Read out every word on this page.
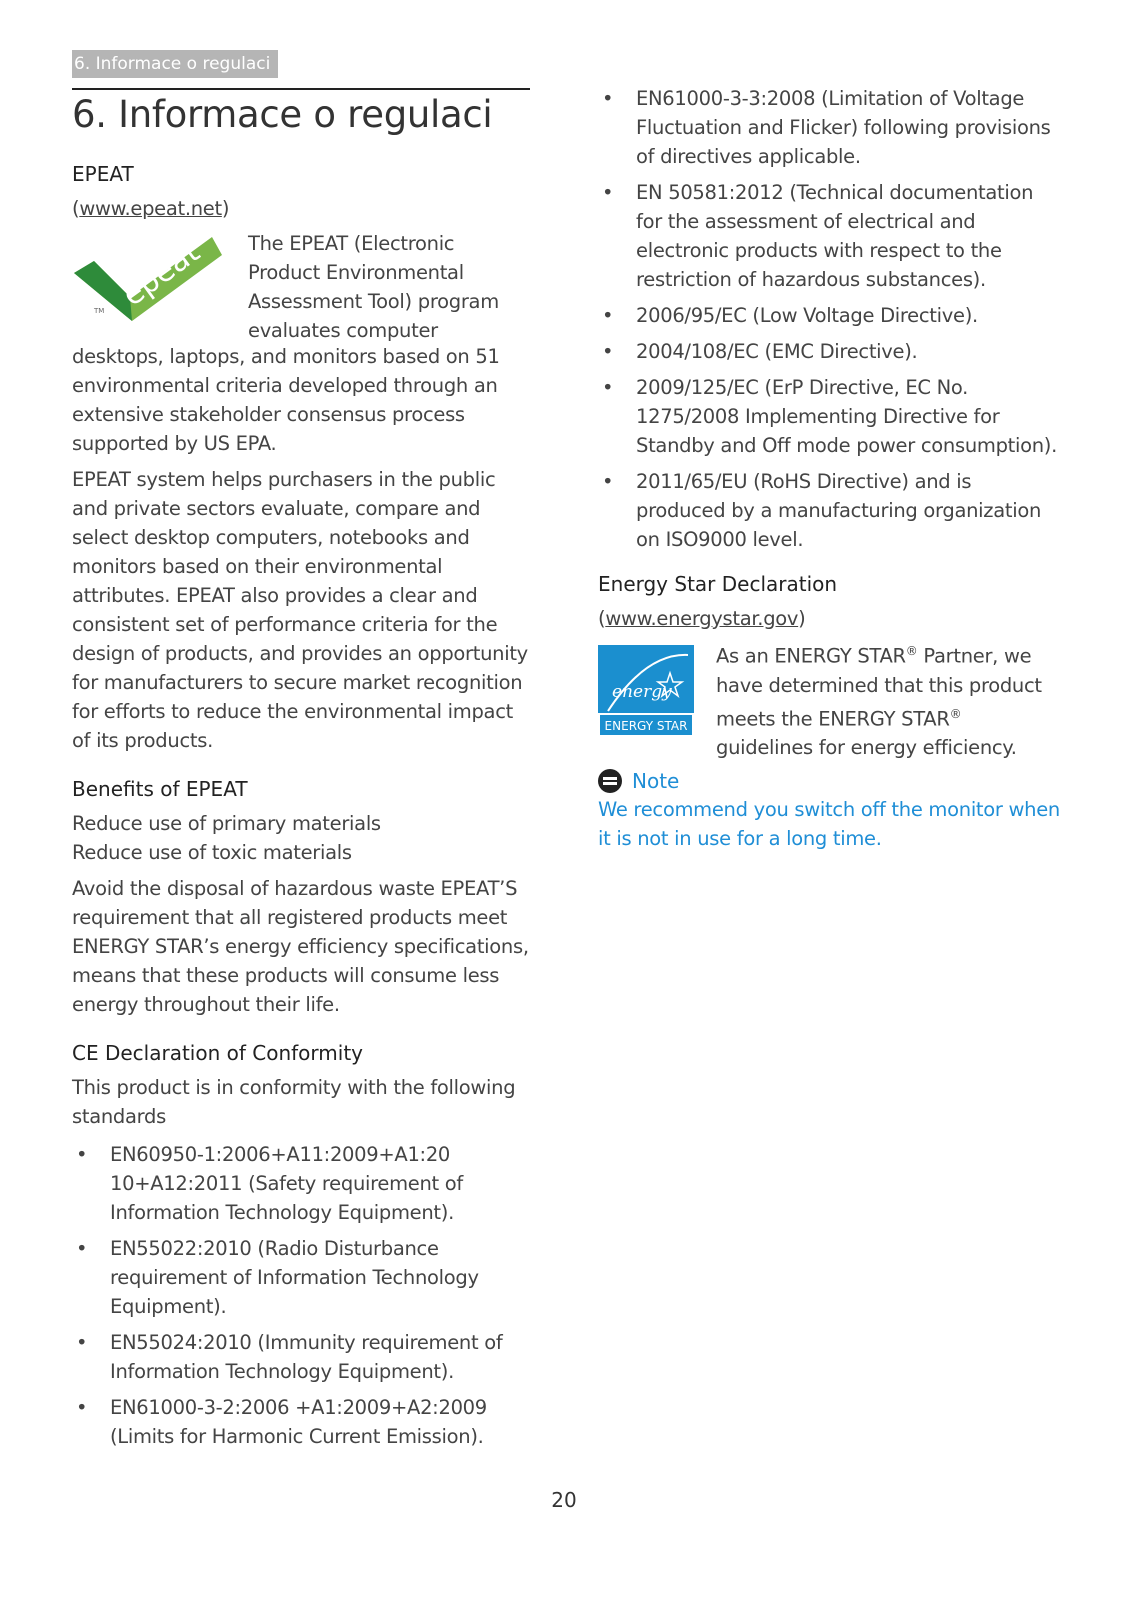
6. Informace o regulaci
6. Informace o regulaci
EPEAT

(www.epeat.net)

epeat
TM

The EPEAT (Electronic

Product Environmental

Assessment Tool) program

evaluates computer

desktops, laptops, and monitors based on 51 environmental criteria developed through an extensive stakeholder consensus process supported by US EPA.

EPEAT system helps purchasers in the public and private sectors evaluate, compare and select desktop computers, notebooks and monitors based on their environmental attributes. EPEAT also provides a clear and consistent set of performance criteria for the design of products, and provides an opportunity for manufacturers to secure market recognition for efforts to reduce the environmental impact of its products.

Benefits of EPEAT

Reduce use of primary materials

Reduce use of toxic materials

Avoid the disposal of hazardous waste EPEAT’S requirement that all registered products meet ENERGY STAR’s energy efficiency specifications, means that these products will consume less energy throughout their life.

CE Declaration of Conformity

This product is in conformity with the following standards

• EN60950-1:2006+A11:2009+A1:20 10+A12:2011 (Safety requirement of Information Technology Equipment).
• EN55022:2010 (Radio Disturbance requirement of Information Technology Equipment).
• EN55024:2010 (Immunity requirement of Information Technology Equipment).
• EN61000-3-2:2006 +A1:2009+A2:2009 (Limits for Harmonic Current Emission).
• EN61000-3-3:2008 (Limitation of Voltage Fluctuation and Flicker) following provisions of directives applicable.
• EN 50581:2012 (Technical documentation for the assessment of electrical and electronic products with respect to the restriction of hazardous substances).
• 2006/95/EC (Low Voltage Directive).
• 2004/108/EC (EMC Directive).
• 2009/125/EC (ErP Directive, EC No. 1275/2008 Implementing Directive for Standby and Off mode power consumption).
• 2011/65/EU (RoHS Directive) and is produced by a manufacturing organization on ISO9000 level.
Energy Star Declaration

(www.energystar.gov)

energy
ENERGY STAR

As an ENERGY STAR® Partner, we have determined that this product meets the ENERGY STAR® guidelines for energy efficiency.

Note
We recommend you switch off the monitor when it is not in use for a long time.
20
